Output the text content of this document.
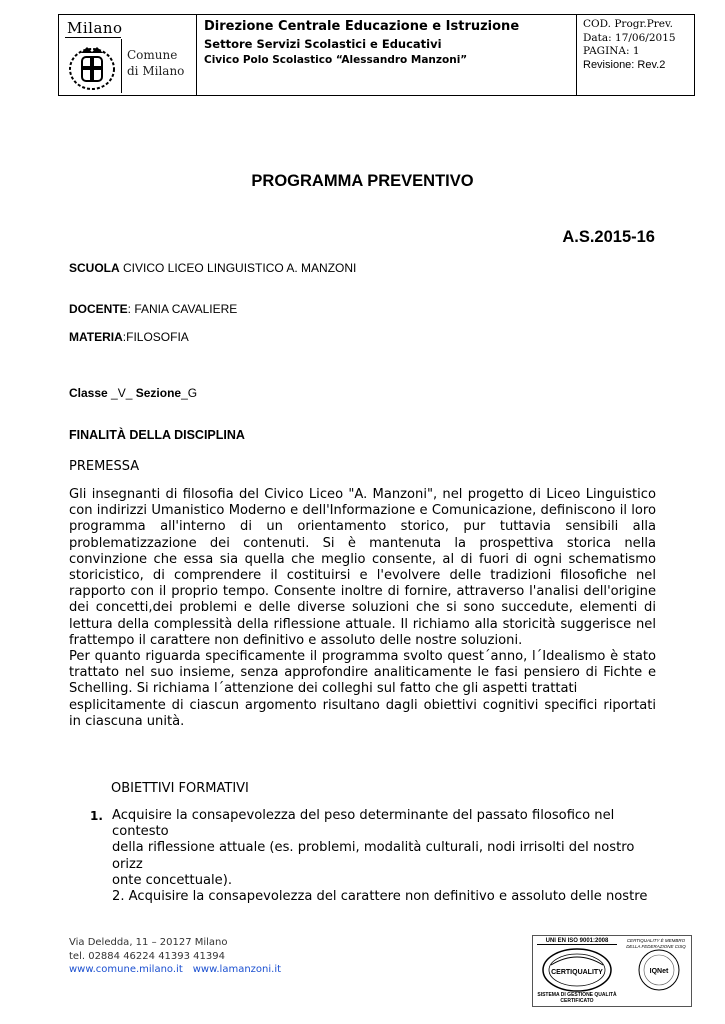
Milano
Comune
di Milano
Direzione Centrale Educazione e Istruzione
Settore Servizi Scolastici e Educativi
Civico Polo Scolastico “Alessandro Manzoni”
COD. Progr.Prev.
Data: 17/06/2015
PAGINA: 1
Revisione: Rev.2
PROGRAMMA PREVENTIVO
A.S.2015-16
SCUOLA CIVICO LICEO LINGUISTICO A. MANZONI
DOCENTE: FANIA CAVALIERE
MATERIA:FILOSOFIA
Classe _V_ Sezione_G
FINALITÀ DELLA DISCIPLINA
PREMESSA

Gli insegnanti di filosofia del Civico Liceo "A. Manzoni", nel progetto di Liceo Linguistico con indirizzi Umanistico Moderno e dell'Informazione e Comunicazione, definiscono il loro programma all'interno di un orientamento storico, pur tuttavia sensibili alla problematizzazione dei contenuti. Si è mantenuta la prospettiva storica nella convinzione che essa sia quella che meglio consente, al di fuori di ogni schematismo storicistico, di comprendere il costituirsi e l'evolvere delle tradizioni filosofiche nel rapporto con il proprio tempo. Consente inoltre di fornire, attraverso l'analisi dell'origine dei concetti,dei problemi e delle diverse soluzioni che si sono succedute, elementi di lettura della complessità della riflessione attuale. Il richiamo alla storicità suggerisce nel frattempo il carattere non definitivo e assoluto delle nostre soluzioni.

Per quanto riguarda specificamente il programma svolto quest´anno, l´Idealismo è stato trattato nel suo insieme, senza approfondire analiticamente le fasi pensiero di Fichte e Schelling. Si richiama l´attenzione dei colleghi sul fatto che gli aspetti trattati

esplicitamente di ciascun argomento risultano dagli obiettivi cognitivi specifici riportati in ciascuna unità.

OBIETTIVI FORMATIVI
1. Acquisire la consapevolezza del peso determinante del passato filosofico nel contesto
della riflessione attuale (es. problemi, modalità culturali, nodi irrisolti del nostro orizz
onte concettuale).
2. Acquisire la consapevolezza del carattere non definitivo e assoluto delle nostre
Via Deledda, 11 – 20127 Milano
tel. 02884 46224 41393 41394
www.comune.milano.it www.lamanzoni.it
UNI EN ISO 9001:2008	CERTIQUALITY È MEMBRO DELLA FEDERAZIONE CISQ
CERTIQUALITY	IQNet
SISTEMA DI GESTIONE QUALITÀ CERTIFICATO
